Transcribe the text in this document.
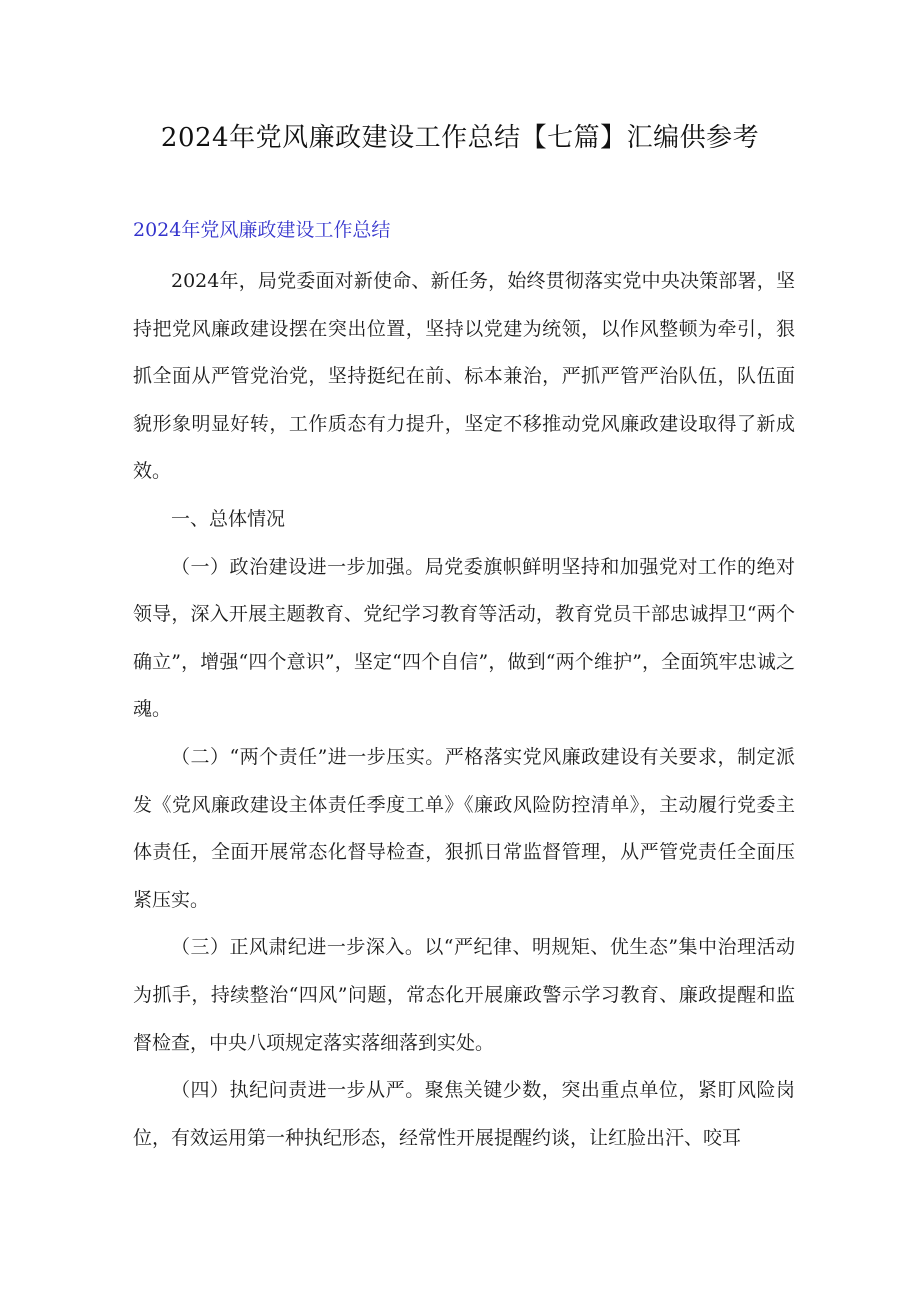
2024年党风廉政建设工作总结【七篇】汇编供参考
2024年党风廉政建设工作总结

2024年，局党委面对新使命、新任务，始终贯彻落实党中央决策部署，坚持把党风廉政建设摆在突出位置，坚持以党建为统领，以作风整顿为牵引，狠抓全面从严管党治党，坚持挺纪在前、标本兼治，严抓严管严治队伍，队伍面貌形象明显好转，工作质态有力提升，坚定不移推动党风廉政建设取得了新成效。

一、总体情况

（一）政治建设进一步加强。局党委旗帜鲜明坚持和加强党对工作的绝对领导，深入开展主题教育、党纪学习教育等活动，教育党员干部忠诚捍卫“两个确立”，增强“四个意识”，坚定“四个自信”，做到“两个维护”，全面筑牢忠诚之魂。

（二）“两个责任”进一步压实。严格落实党风廉政建设有关要求，制定派发《党风廉政建设主体责任季度工单》《廉政风险防控清单》，主动履行党委主体责任，全面开展常态化督导检查，狠抓日常监督管理，从严管党责任全面压紧压实。

（三）正风肃纪进一步深入。以“严纪律、明规矩、优生态”集中治理活动为抓手，持续整治“四风”问题，常态化开展廉政警示学习教育、廉政提醒和监督检查，中央八项规定落实落细落到实处。

（四）执纪问责进一步从严。聚焦关键少数，突出重点单位，紧盯风险岗位，有效运用第一种执纪形态，经常性开展提醒约谈，让红脸出汗、咬耳
